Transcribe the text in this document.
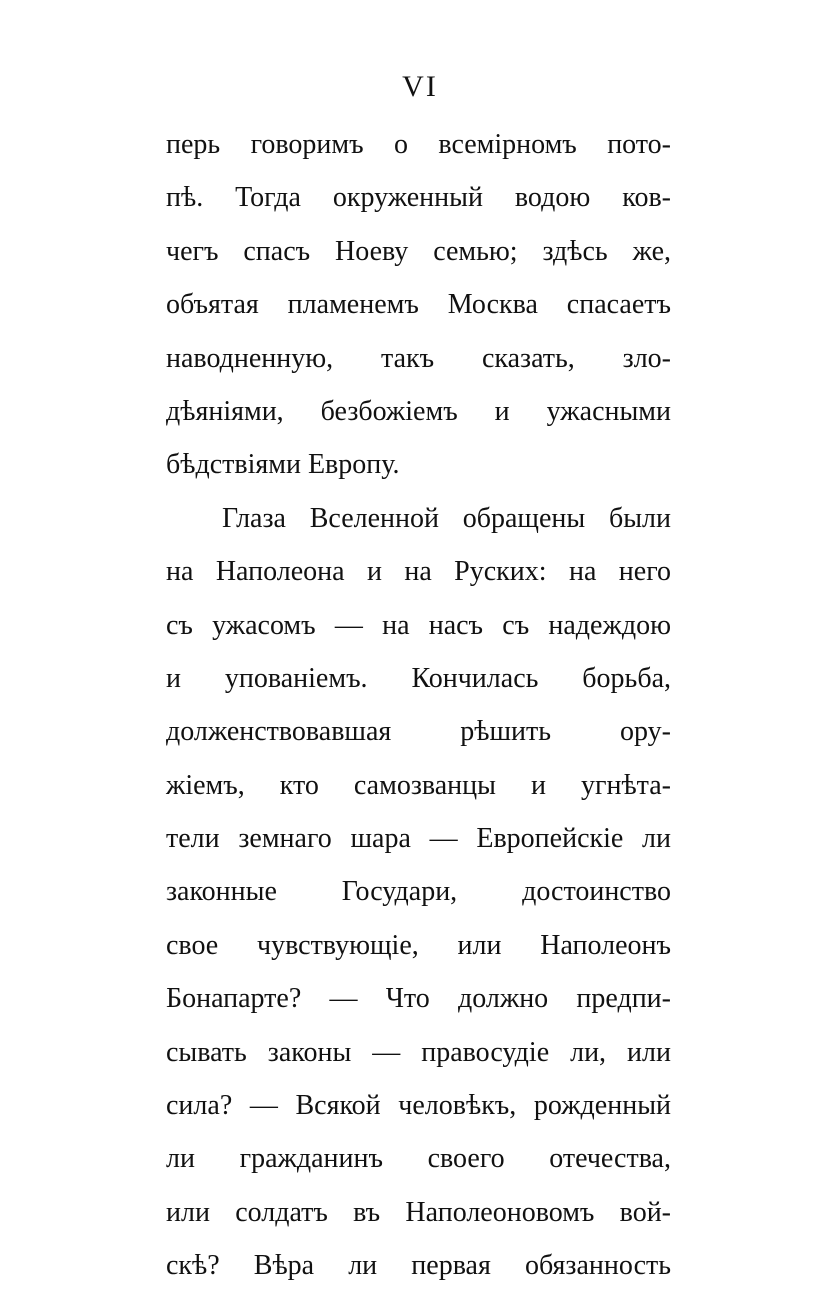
VI
перь говоримъ о всемірномъ пото-
пѣ. Тогда окруженный водою ков-
чегъ спасъ Ноеву семью; здѣсь же,
объятая пламенемъ Москва спасаетъ
наводненную, такъ сказать, зло-
дѣяніями, безбожіемъ и ужасными
бѣдствіями Европу.
Глаза Вселенной обращены были
на Наполеона и на Руских: на него
съ ужасомъ — на насъ съ надеждою
и упованіемъ. Кончилась борьба,
долженствовавшая рѣшить ору-
жіемъ, кто самозванцы и угнѣта-
тели земнаго шара — Европейскіе ли
законные Государи, достоинство
свое чувствующіе, или Наполеонъ
Бонапарте? — Что должно предпи-
сывать законы — правосудіе ли, или
сила? — Всякой человѣкъ, рожденный
ли гражданинъ своего отечества,
или солдатъ въ Наполеоновомъ вой-
скѣ? Вѣра ли первая обязанность
